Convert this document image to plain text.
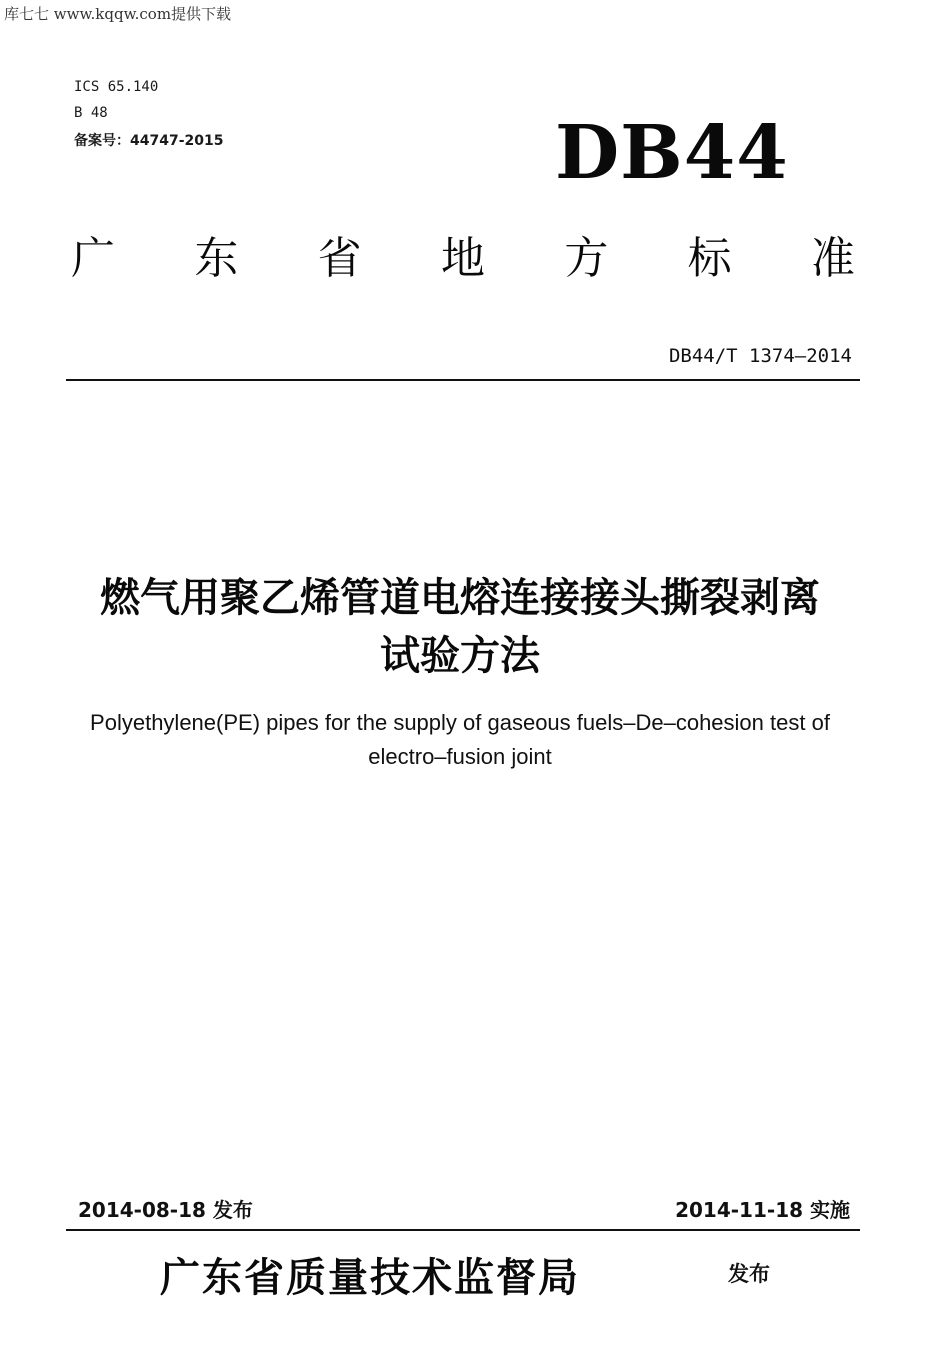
库七七 www.kqqw.com提供下载
ICS 65.140
B 48
备案号：44747-2015	DB44
广 东 省 地 方 标 准
DB44/T 1374—2014
燃气用聚乙烯管道电熔连接接头撕裂剥离
试验方法
Polyethylene(PE) pipes for the supply of gaseous fuels–De–cohesion test of
electro–fusion joint
2014-08-18 发布	2014-11-18 实施
广东省质量技术监督局	发布
